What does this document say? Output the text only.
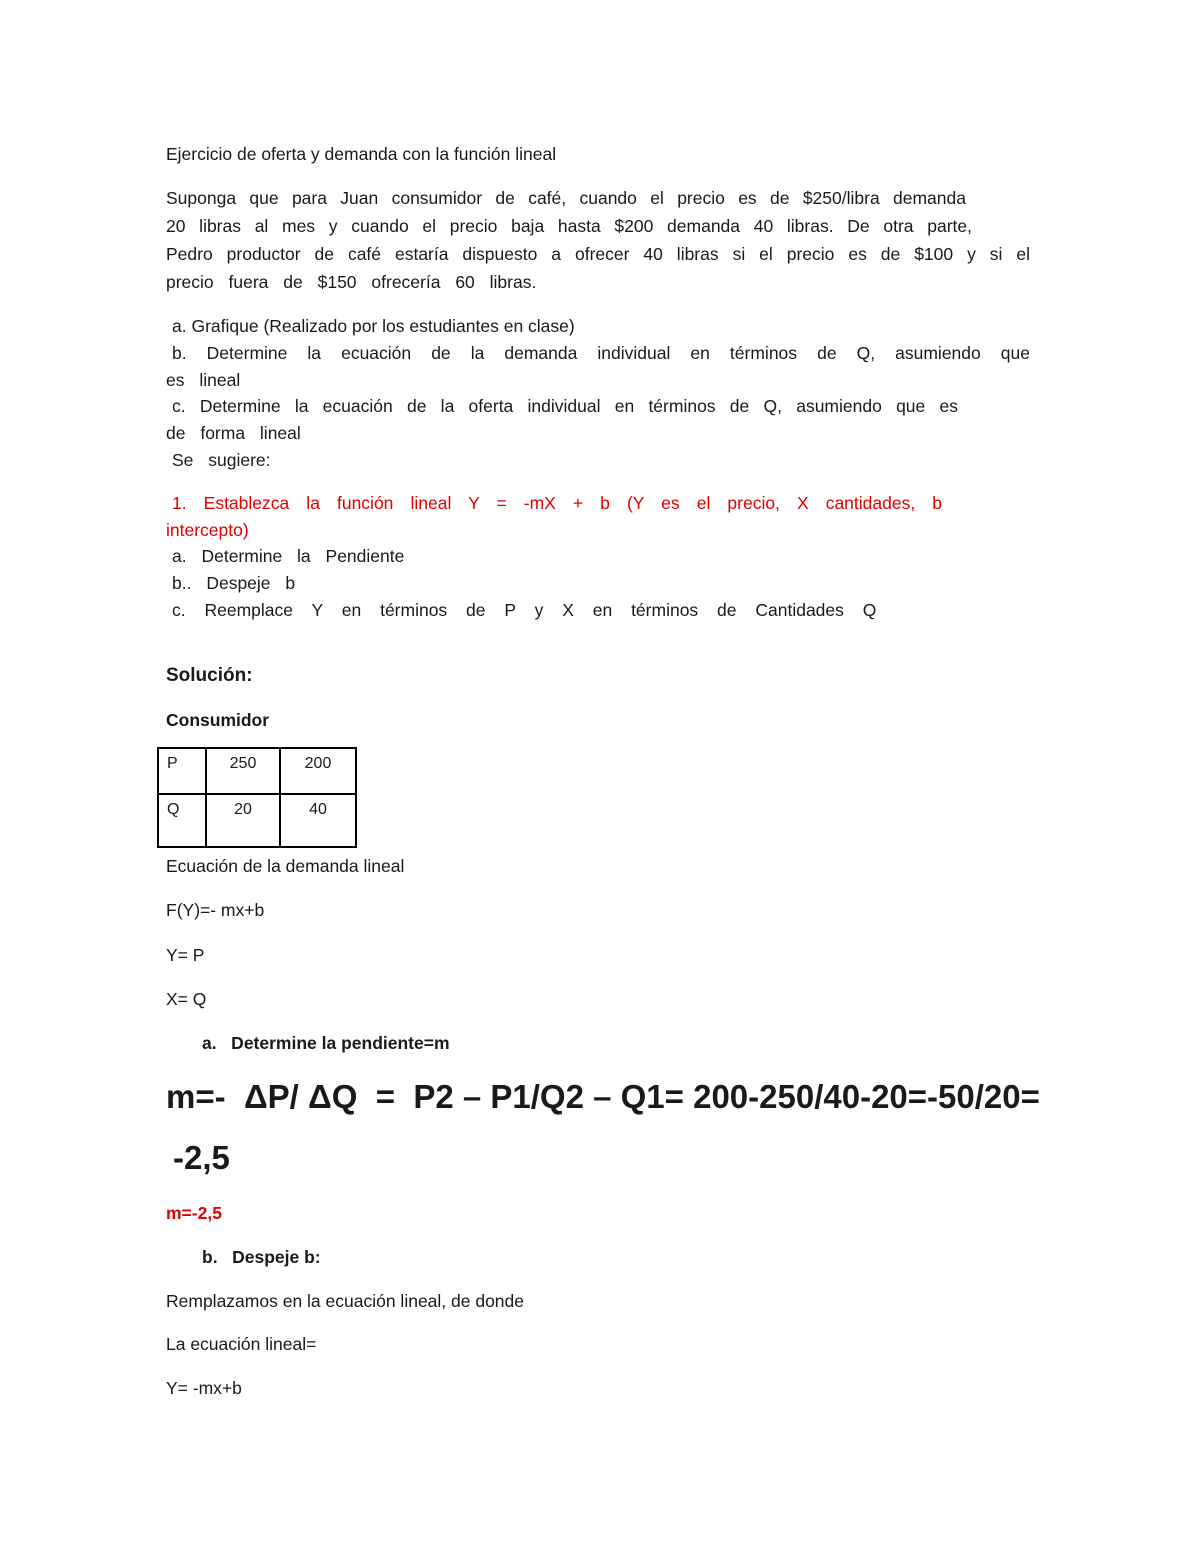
Ejercicio de oferta y demanda con la función lineal
Suponga que para Juan consumidor de café, cuando el precio es de $250/libra demanda
20 libras al mes y cuando el precio baja hasta $200 demanda 40 libras. De otra parte,
Pedro productor de café estaría dispuesto a ofrecer 40 libras si el precio es de $100 y si el
precio fuera de $150 ofrecería 60 libras.
a. Grafique (Realizado por los estudiantes en clase)
b. Determine la ecuación de la demanda individual en términos de Q, asumiendo que
es lineal
c. Determine la ecuación de la oferta individual en términos de Q, asumiendo que es
de forma lineal
Se sugiere:
1. Establezca la función lineal Y = -mX + b (Y es el precio, X cantidades, b
intercepto)
a. Determine la Pendiente
b.. Despeje b
c. Reemplace Y en términos de P y X en términos de Cantidades Q
Solución:
Consumidor
P	250	200
Q	20	40
Ecuación de la demanda lineal
F(Y)=- mx+b
Y= P
X= Q
a.   Determine la pendiente=m
m=-  ΔP/ ΔQ  =  P2 – P1/Q2 – Q1= 200-250/40-20=-50/20=
-2,5
m=-2,5
b.   Despeje b:
Remplazamos en la ecuación lineal, de donde
La ecuación lineal=
Y= -mx+b
